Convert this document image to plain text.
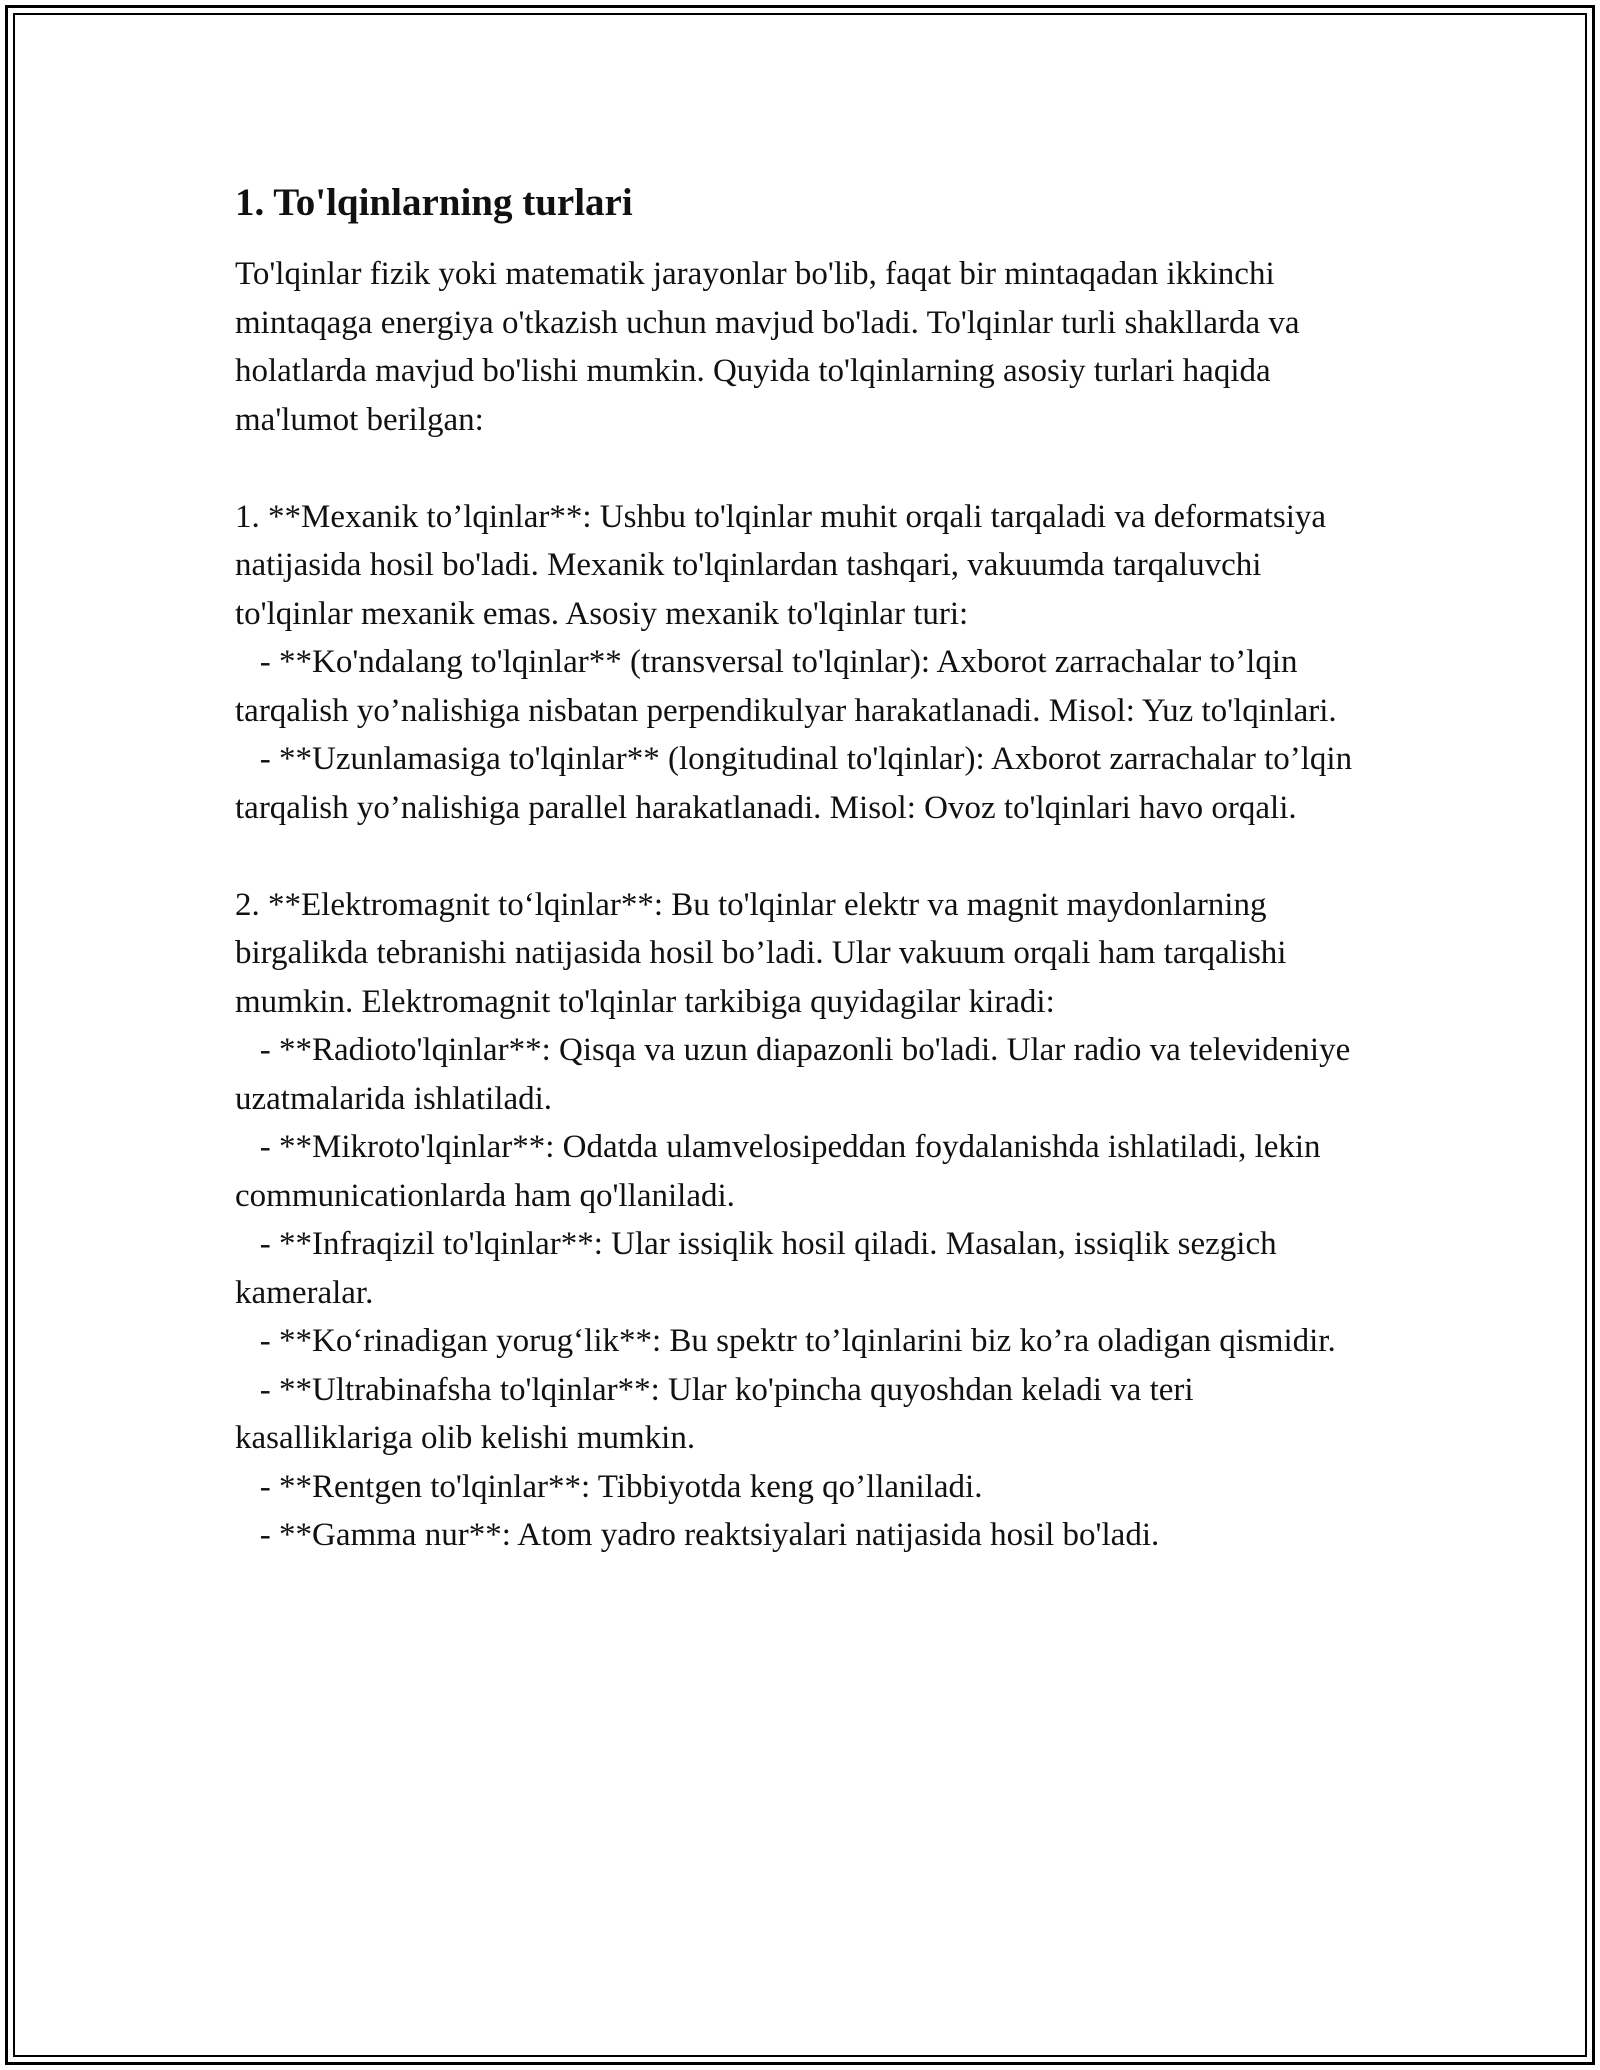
1. To'lqinlarning turlari
To'lqinlar fizik yoki matematik jarayonlar bo'lib, faqat bir mintaqadan ikkinchi mintaqaga energiya o'tkazish uchun mavjud bo'ladi. To'lqinlar turli shakllarda va holatlarda mavjud bo'lishi mumkin. Quyida to'lqinlarning asosiy turlari haqida ma'lumot berilgan:

1. **Mexanik to’lqinlar**: Ushbu to'lqinlar muhit orqali tarqaladi va deformatsiya natijasida hosil bo'ladi. Mexanik to'lqinlardan tashqari, vakuumda tarqaluvchi to'lqinlar mexanik emas. Asosiy mexanik to'lqinlar turi:
- **Ko'ndalang to'lqinlar** (transversal to'lqinlar): Axborot zarrachalar to’lqin tarqalish yo’nalishiga nisbatan perpendikulyar harakatlanadi. Misol: Yuz to'lqinlari.
- **Uzunlamasiga to'lqinlar** (longitudinal to'lqinlar): Axborot zarrachalar to’lqin tarqalish yo’nalishiga parallel harakatlanadi. Misol: Ovoz to'lqinlari havo orqali.

2. **Elektromagnit to‘lqinlar**: Bu to'lqinlar elektr va magnit maydonlarning birgalikda tebranishi natijasida hosil bo’ladi. Ular vakuum orqali ham tarqalishi mumkin. Elektromagnit to'lqinlar tarkibiga quyidagilar kiradi:
- **Radioto'lqinlar**: Qisqa va uzun diapazonli bo'ladi. Ular radio va televideniye uzatmalarida ishlatiladi.
- **Mikroto'lqinlar**: Odatda ulamvelosipeddan foydalanishda ishlatiladi, lekin communicationlarda ham qo'llaniladi.
- **Infraqizil to'lqinlar**: Ular issiqlik hosil qiladi. Masalan, issiqlik sezgich kameralar.
- **Ko‘rinadigan yorug‘lik**: Bu spektr to’lqinlarini biz ko’ra oladigan qismidir.
- **Ultrabinafsha to'lqinlar**: Ular ko'pincha quyoshdan keladi va teri kasalliklariga olib kelishi mumkin.
- **Rentgen to'lqinlar**: Tibbiyotda keng qo’llaniladi.
- **Gamma nur**: Atom yadro reaktsiyalari natijasida hosil bo'ladi.
